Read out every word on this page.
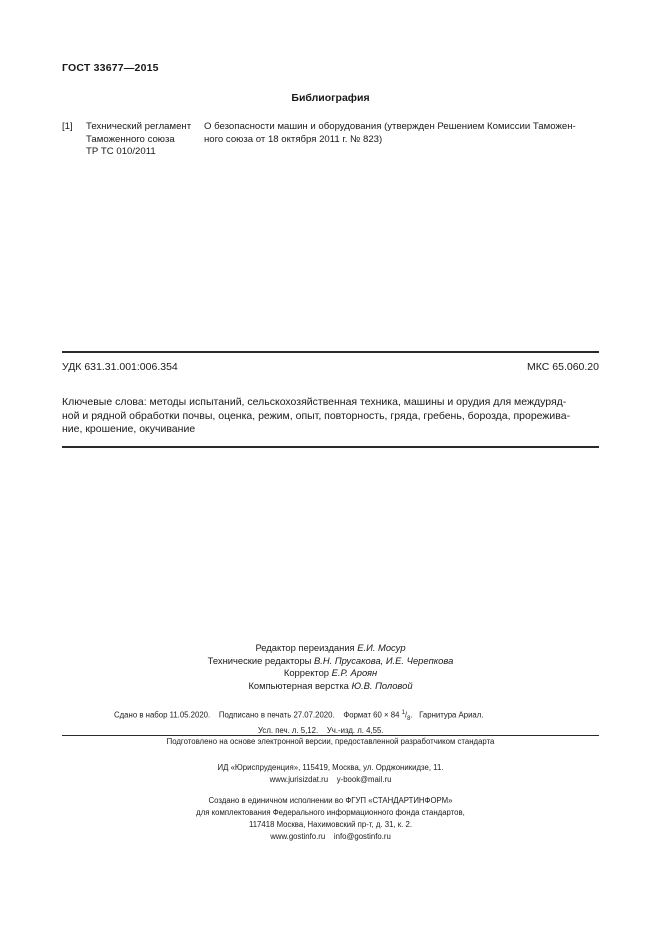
ГОСТ 33677—2015
Библиография
[1] Технический регламент
Таможенного союза
ТР ТС 010/2011
О безопасности машин и оборудования (утвержден Решением Комиссии Таможен-
ного союза от 18 октября 2011 г. № 823)
УДК 631.31.001:006.354	МКС 65.060.20
Ключевые слова: методы испытаний, сельскохозяйственная техника, машины и орудия для междуряд-
ной и рядной обработки почвы, оценка, режим, опыт, повторность, гряда, гребень, борозда, прорежива-
ние, крошение, окучивание
Редактор переиздания Е.И. Мосур
Технические редакторы В.Н. Прусакова, И.Е. Черепкова
Корректор Е.Р. Ароян
Компьютерная верстка Ю.В. Половой
Сдано в набор 11.05.2020. Подписано в печать 27.07.2020. Формат 60 × 84 $^1/_8$.   Гарнитура Ариал.
Усл. печ. л. 5,12. Уч.-изд. л. 4,55.
Подготовлено на основе электронной версии, предоставленной разработчиком стандарта
ИД «Юриспруденция», 115419, Москва, ул. Орджоникидзе, 11.
www.jurisizdat.ru    y-book@mail.ru
Создано в единичном исполнении во ФГУП «СТАНДАРТИНФОРМ»
для комплектования Федерального информационного фонда стандартов,
117418 Москва, Нахимовский пр-т, д. 31, к. 2.
www.gostinfo.ru    info@gostinfo.ru
